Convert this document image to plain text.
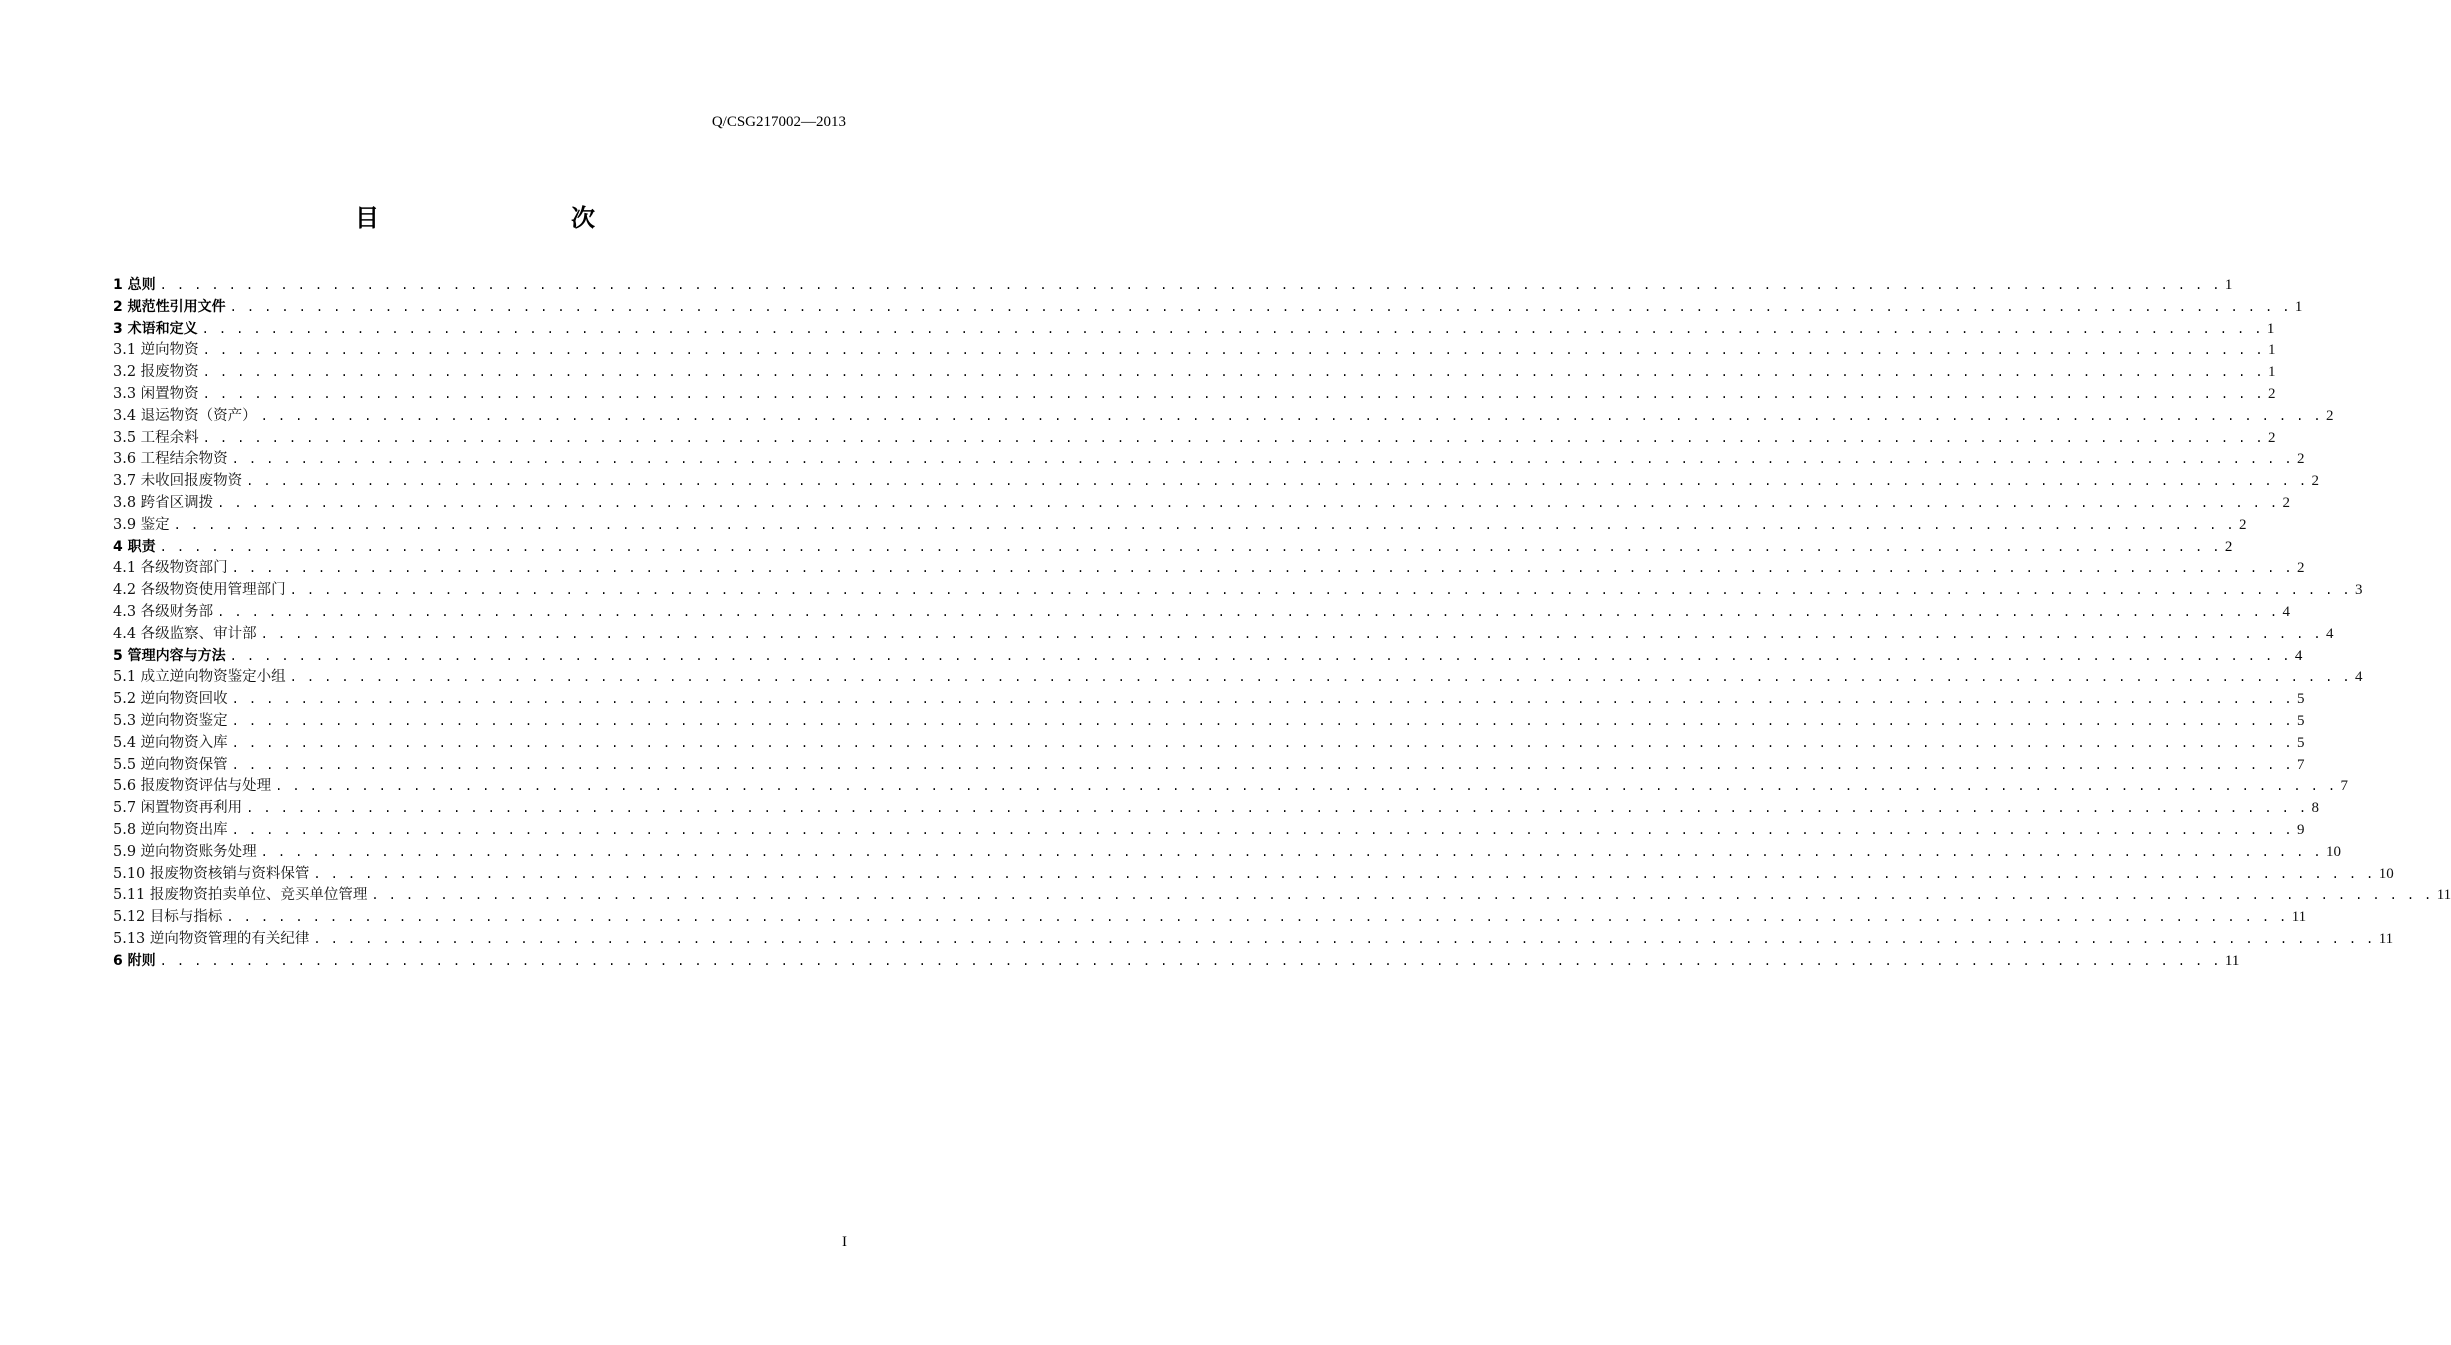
Q/CSG217002—2013
目　　次
1 总则 . . . . . . . . . . . . . . . . . . . . . . . . . . . . . . . . . . . . . . . . . . . . . . . . . . . . . . . . . . . . . . . . . . . . . . . . . . . . . . . . . . . . . . . . . . . . . . . . . . . . . . . . . . . . . . . . . . . . . . . . 1
2 规范性引用文件 . . . . . . . . . . . . . . . . . . . . . . . . . . . . . . . . . . . . . . . . . . . . . . . . . . . . . . . . . . . . . . . . . . . . . . . . . . . . . . . . . . . . . . . . . . . . . . . . . . . . . . . . . . . . . . . . . . . . . . . . 1
3 术语和定义 . . . . . . . . . . . . . . . . . . . . . . . . . . . . . . . . . . . . . . . . . . . . . . . . . . . . . . . . . . . . . . . . . . . . . . . . . . . . . . . . . . . . . . . . . . . . . . . . . . . . . . . . . . . . . . . . . . . . . . . . 1
3.1 逆向物资 . . . . . . . . . . . . . . . . . . . . . . . . . . . . . . . . . . . . . . . . . . . . . . . . . . . . . . . . . . . . . . . . . . . . . . . . . . . . . . . . . . . . . . . . . . . . . . . . . . . . . . . . . . . . . . . . . . . . . . . . 1
3.2 报废物资 . . . . . . . . . . . . . . . . . . . . . . . . . . . . . . . . . . . . . . . . . . . . . . . . . . . . . . . . . . . . . . . . . . . . . . . . . . . . . . . . . . . . . . . . . . . . . . . . . . . . . . . . . . . . . . . . . . . . . . . . 1
3.3 闲置物资 . . . . . . . . . . . . . . . . . . . . . . . . . . . . . . . . . . . . . . . . . . . . . . . . . . . . . . . . . . . . . . . . . . . . . . . . . . . . . . . . . . . . . . . . . . . . . . . . . . . . . . . . . . . . . . . . . . . . . . . . 2
3.4 退运物资（资产） . . . . . . . . . . . . . . . . . . . . . . . . . . . . . . . . . . . . . . . . . . . . . . . . . . . . . . . . . . . . . . . . . . . . . . . . . . . . . . . . . . . . . . . . . . . . . . . . . . . . . . . . . . . . . . . . . . . . . . . . 2
3.5 工程余料 . . . . . . . . . . . . . . . . . . . . . . . . . . . . . . . . . . . . . . . . . . . . . . . . . . . . . . . . . . . . . . . . . . . . . . . . . . . . . . . . . . . . . . . . . . . . . . . . . . . . . . . . . . . . . . . . . . . . . . . . 2
3.6 工程结余物资 . . . . . . . . . . . . . . . . . . . . . . . . . . . . . . . . . . . . . . . . . . . . . . . . . . . . . . . . . . . . . . . . . . . . . . . . . . . . . . . . . . . . . . . . . . . . . . . . . . . . . . . . . . . . . . . . . . . . . . . . 2
3.7 未收回报废物资 . . . . . . . . . . . . . . . . . . . . . . . . . . . . . . . . . . . . . . . . . . . . . . . . . . . . . . . . . . . . . . . . . . . . . . . . . . . . . . . . . . . . . . . . . . . . . . . . . . . . . . . . . . . . . . . . . . . . . . . . 2
3.8 跨省区调拨 . . . . . . . . . . . . . . . . . . . . . . . . . . . . . . . . . . . . . . . . . . . . . . . . . . . . . . . . . . . . . . . . . . . . . . . . . . . . . . . . . . . . . . . . . . . . . . . . . . . . . . . . . . . . . . . . . . . . . . . . 2
3.9 鉴定 . . . . . . . . . . . . . . . . . . . . . . . . . . . . . . . . . . . . . . . . . . . . . . . . . . . . . . . . . . . . . . . . . . . . . . . . . . . . . . . . . . . . . . . . . . . . . . . . . . . . . . . . . . . . . . . . . . . . . . . . 2
4 职责 . . . . . . . . . . . . . . . . . . . . . . . . . . . . . . . . . . . . . . . . . . . . . . . . . . . . . . . . . . . . . . . . . . . . . . . . . . . . . . . . . . . . . . . . . . . . . . . . . . . . . . . . . . . . . . . . . . . . . . . . 2
4.1 各级物资部门 . . . . . . . . . . . . . . . . . . . . . . . . . . . . . . . . . . . . . . . . . . . . . . . . . . . . . . . . . . . . . . . . . . . . . . . . . . . . . . . . . . . . . . . . . . . . . . . . . . . . . . . . . . . . . . . . . . . . . . . . 2
4.2 各级物资使用管理部门 . . . . . . . . . . . . . . . . . . . . . . . . . . . . . . . . . . . . . . . . . . . . . . . . . . . . . . . . . . . . . . . . . . . . . . . . . . . . . . . . . . . . . . . . . . . . . . . . . . . . . . . . . . . . . . . . . . . . . . . . 3
4.3 各级财务部 . . . . . . . . . . . . . . . . . . . . . . . . . . . . . . . . . . . . . . . . . . . . . . . . . . . . . . . . . . . . . . . . . . . . . . . . . . . . . . . . . . . . . . . . . . . . . . . . . . . . . . . . . . . . . . . . . . . . . . . . 4
4.4 各级监察、审计部 . . . . . . . . . . . . . . . . . . . . . . . . . . . . . . . . . . . . . . . . . . . . . . . . . . . . . . . . . . . . . . . . . . . . . . . . . . . . . . . . . . . . . . . . . . . . . . . . . . . . . . . . . . . . . . . . . . . . . . . . 4
5 管理内容与方法 . . . . . . . . . . . . . . . . . . . . . . . . . . . . . . . . . . . . . . . . . . . . . . . . . . . . . . . . . . . . . . . . . . . . . . . . . . . . . . . . . . . . . . . . . . . . . . . . . . . . . . . . . . . . . . . . . . . . . . . . 4
5.1 成立逆向物资鉴定小组 . . . . . . . . . . . . . . . . . . . . . . . . . . . . . . . . . . . . . . . . . . . . . . . . . . . . . . . . . . . . . . . . . . . . . . . . . . . . . . . . . . . . . . . . . . . . . . . . . . . . . . . . . . . . . . . . . . . . . . . . 4
5.2 逆向物资回收 . . . . . . . . . . . . . . . . . . . . . . . . . . . . . . . . . . . . . . . . . . . . . . . . . . . . . . . . . . . . . . . . . . . . . . . . . . . . . . . . . . . . . . . . . . . . . . . . . . . . . . . . . . . . . . . . . . . . . . . . 5
5.3 逆向物资鉴定 . . . . . . . . . . . . . . . . . . . . . . . . . . . . . . . . . . . . . . . . . . . . . . . . . . . . . . . . . . . . . . . . . . . . . . . . . . . . . . . . . . . . . . . . . . . . . . . . . . . . . . . . . . . . . . . . . . . . . . . . 5
5.4 逆向物资入库 . . . . . . . . . . . . . . . . . . . . . . . . . . . . . . . . . . . . . . . . . . . . . . . . . . . . . . . . . . . . . . . . . . . . . . . . . . . . . . . . . . . . . . . . . . . . . . . . . . . . . . . . . . . . . . . . . . . . . . . . 5
5.5 逆向物资保管 . . . . . . . . . . . . . . . . . . . . . . . . . . . . . . . . . . . . . . . . . . . . . . . . . . . . . . . . . . . . . . . . . . . . . . . . . . . . . . . . . . . . . . . . . . . . . . . . . . . . . . . . . . . . . . . . . . . . . . . . 7
5.6 报废物资评估与处理 . . . . . . . . . . . . . . . . . . . . . . . . . . . . . . . . . . . . . . . . . . . . . . . . . . . . . . . . . . . . . . . . . . . . . . . . . . . . . . . . . . . . . . . . . . . . . . . . . . . . . . . . . . . . . . . . . . . . . . . . 7
5.7 闲置物资再利用 . . . . . . . . . . . . . . . . . . . . . . . . . . . . . . . . . . . . . . . . . . . . . . . . . . . . . . . . . . . . . . . . . . . . . . . . . . . . . . . . . . . . . . . . . . . . . . . . . . . . . . . . . . . . . . . . . . . . . . . . 8
5.8 逆向物资出库 . . . . . . . . . . . . . . . . . . . . . . . . . . . . . . . . . . . . . . . . . . . . . . . . . . . . . . . . . . . . . . . . . . . . . . . . . . . . . . . . . . . . . . . . . . . . . . . . . . . . . . . . . . . . . . . . . . . . . . . . 9
5.9 逆向物资账务处理 . . . . . . . . . . . . . . . . . . . . . . . . . . . . . . . . . . . . . . . . . . . . . . . . . . . . . . . . . . . . . . . . . . . . . . . . . . . . . . . . . . . . . . . . . . . . . . . . . . . . . . . . . . . . . . . . . . . . . . . . 10
5.10 报废物资核销与资料保管 . . . . . . . . . . . . . . . . . . . . . . . . . . . . . . . . . . . . . . . . . . . . . . . . . . . . . . . . . . . . . . . . . . . . . . . . . . . . . . . . . . . . . . . . . . . . . . . . . . . . . . . . . . . . . . . . . . . . . . . . 10
5.11 报废物资拍卖单位、竞买单位管理 . . . . . . . . . . . . . . . . . . . . . . . . . . . . . . . . . . . . . . . . . . . . . . . . . . . . . . . . . . . . . . . . . . . . . . . . . . . . . . . . . . . . . . . . . . . . . . . . . . . . . . . . . . . . . . . . . . . . . . . . 11
5.12 目标与指标 . . . . . . . . . . . . . . . . . . . . . . . . . . . . . . . . . . . . . . . . . . . . . . . . . . . . . . . . . . . . . . . . . . . . . . . . . . . . . . . . . . . . . . . . . . . . . . . . . . . . . . . . . . . . . . . . . . . . . . . . 11
5.13 逆向物资管理的有关纪律 . . . . . . . . . . . . . . . . . . . . . . . . . . . . . . . . . . . . . . . . . . . . . . . . . . . . . . . . . . . . . . . . . . . . . . . . . . . . . . . . . . . . . . . . . . . . . . . . . . . . . . . . . . . . . . . . . . . . . . . . 11
6 附则 . . . . . . . . . . . . . . . . . . . . . . . . . . . . . . . . . . . . . . . . . . . . . . . . . . . . . . . . . . . . . . . . . . . . . . . . . . . . . . . . . . . . . . . . . . . . . . . . . . . . . . . . . . . . . . . . . . . . . . . . 11
I
